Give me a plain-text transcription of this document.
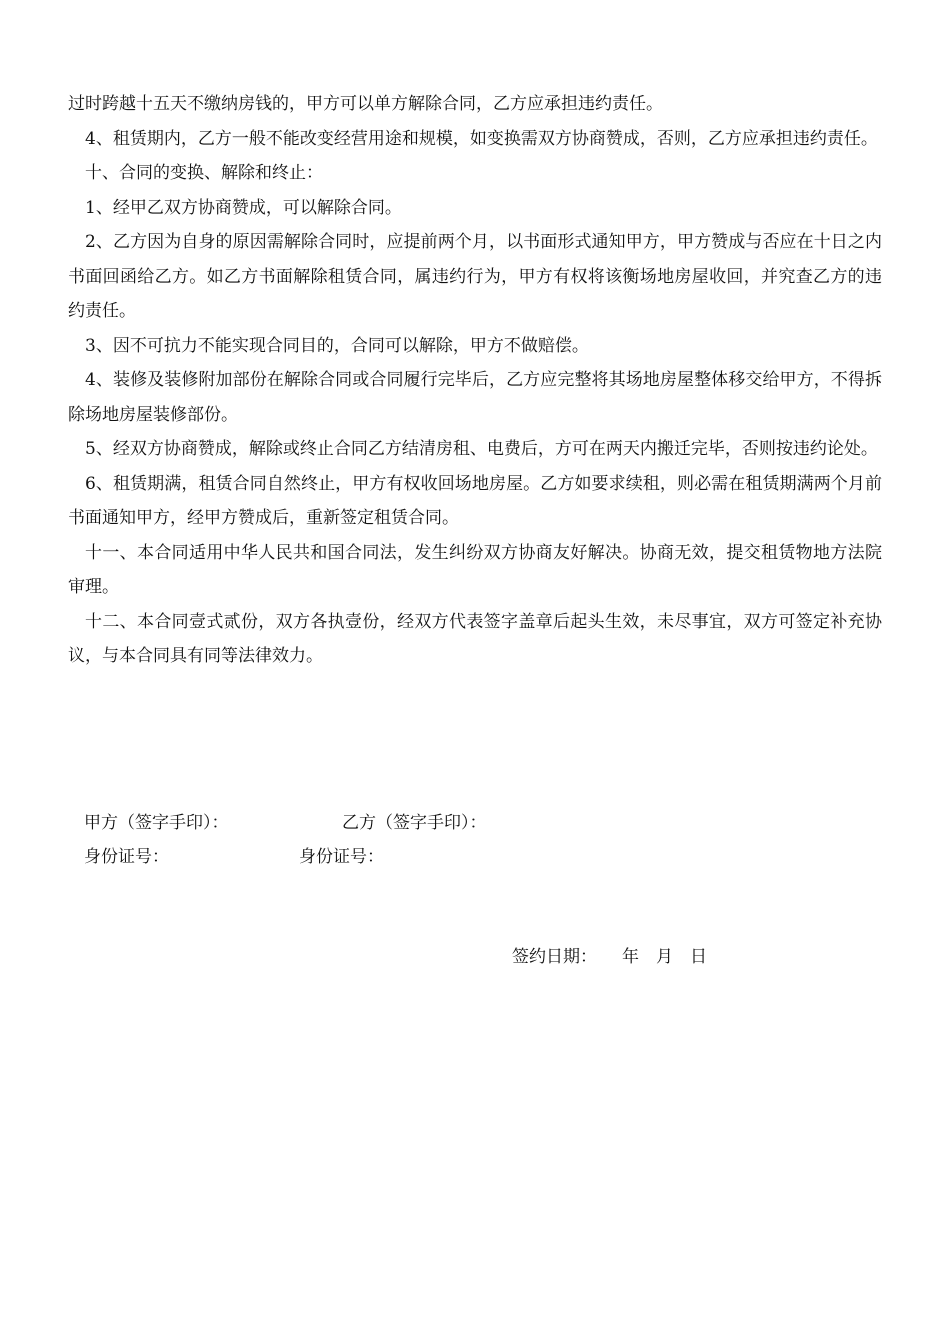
过时跨越十五天不缴纳房钱的，甲方可以单方解除合同，乙方应承担违约责任。

4、租赁期内，乙方一般不能改变经营用途和规模，如变换需双方协商赞成，否则，乙方应承担违约责任。

十、合同的变换、解除和终止：

1、经甲乙双方协商赞成，可以解除合同。

2、乙方因为自身的原因需解除合同时，应提前两个月，以书面形式通知甲方，甲方赞成与否应在十日之内书面回函给乙方。如乙方书面解除租赁合同，属违约行为，甲方有权将该衡场地房屋收回，并究查乙方的违约责任。

3、因不可抗力不能实现合同目的，合同可以解除，甲方不做赔偿。

4、装修及装修附加部份在解除合同或合同履行完毕后，乙方应完整将其场地房屋整体移交给甲方，不得拆除场地房屋装修部份。

5、经双方协商赞成，解除或终止合同乙方结清房租、电费后，方可在两天内搬迁完毕，否则按违约论处。

6、租赁期满，租赁合同自然终止，甲方有权收回场地房屋。乙方如要求续租，则必需在租赁期满两个月前书面通知甲方，经甲方赞成后，重新签定租赁合同。

十一、本合同适用中华人民共和国合同法，发生纠纷双方协商友好解决。协商无效，提交租赁物地方法院审理。

十二、本合同壹式贰份，双方各执壹份，经双方代表签字盖章后起头生效，未尽事宜，双方可签定补充协议，与本合同具有同等法律效力。

甲方（签字手印）：	乙方（签字手印）：
身份证号：	身份证号：
签约日期： 年 月 日
